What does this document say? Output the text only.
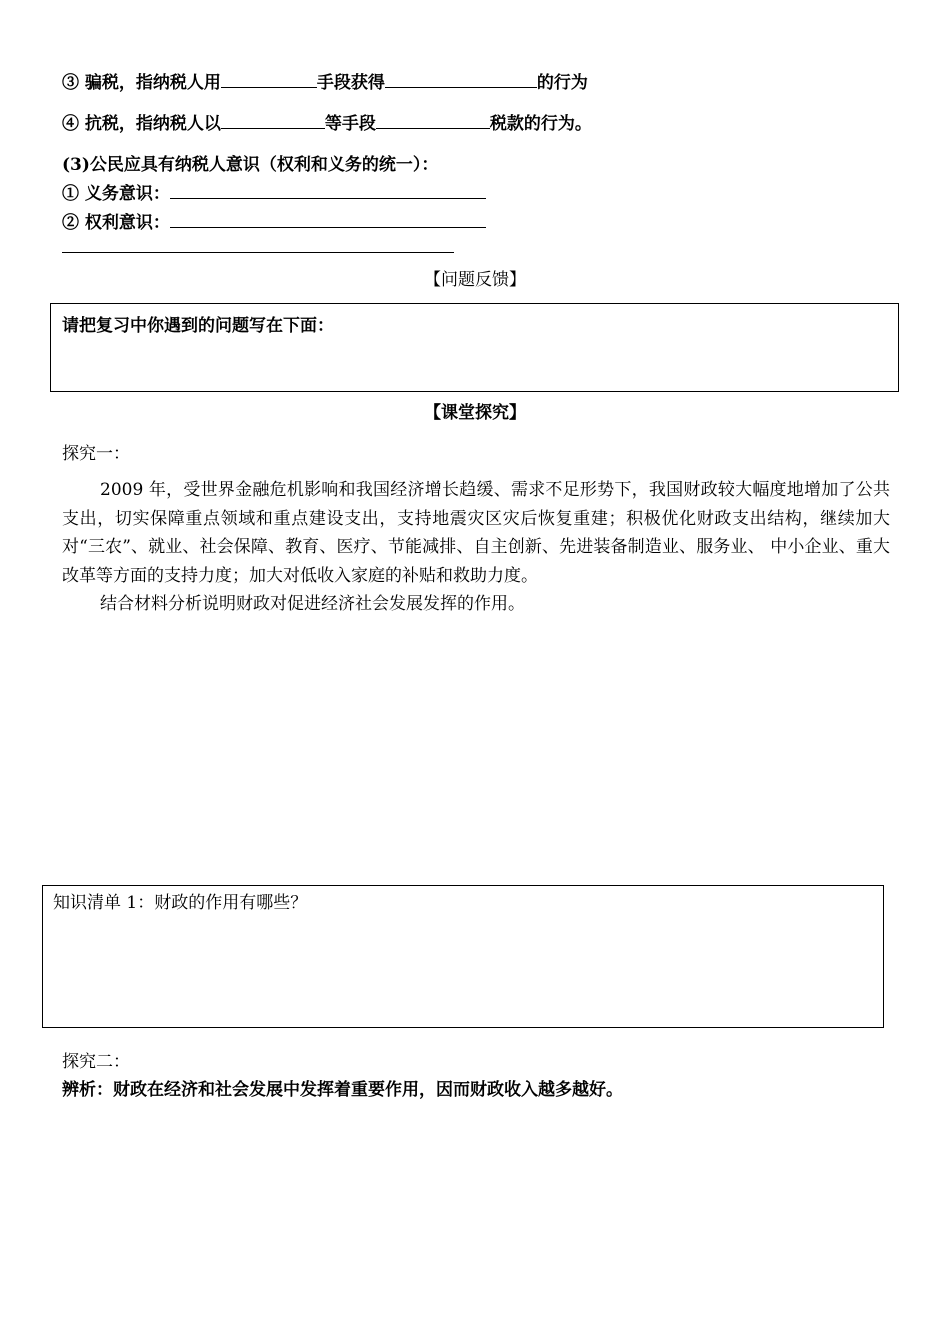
③ 骗税，指纳税人用	手段获得	的行为
④ 抗税，指纳税人以	等手段	税款的行为。
(3)公民应具有纳税人意识（权利和义务的统一）：
① 义务意识：
② 权利意识：
【问题反馈】
请把复习中你遇到的问题写在下面：
【课堂探究】
探究一：
2009 年，受世界金融危机影响和我国经济增长趋缓、需求不足形势下，我国财政较大幅度地增加了公共支出，切实保障重点领域和重点建设支出，支持地震灾区灾后恢复重建；积极优化财政支出结构，继续加大对“三农”、就业、社会保障、教育、医疗、节能减排、自主创新、先进装备制造业、服务业、 中小企业、重大改革等方面的支持力度；加大对低收入家庭的补贴和救助力度。
结合材料分析说明财政对促进经济社会发展发挥的作用。
知识清单 1：财政的作用有哪些？
探究二：
辨析：财政在经济和社会发展中发挥着重要作用，因而财政收入越多越好。
